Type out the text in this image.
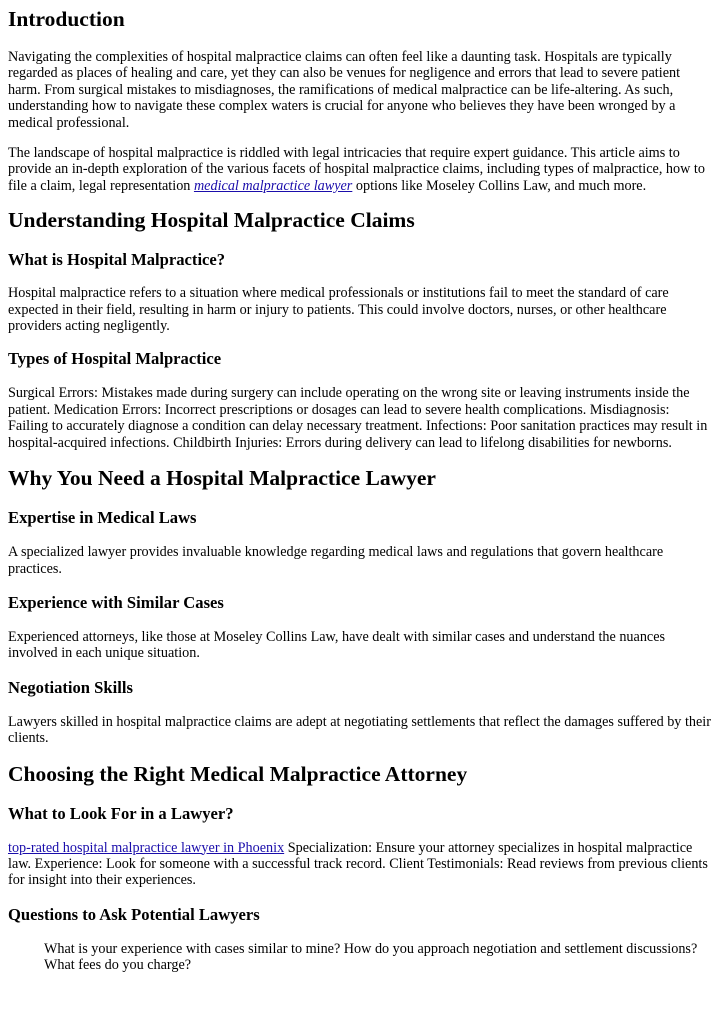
Introduction

Navigating the complexities of hospital malpractice claims can often feel like a daunting task. Hospitals are typically regarded as places of healing and care, yet they can also be venues for negligence and errors that lead to severe patient harm. From surgical mistakes to misdiagnoses, the ramifications of medical malpractice can be life-altering. As such, understanding how to navigate these complex waters is crucial for anyone who believes they have been wronged by a medical professional.

The landscape of hospital malpractice is riddled with legal intricacies that require expert guidance. This article aims to provide an in-depth exploration of the various facets of hospital malpractice claims, including types of malpractice, how to file a claim, legal representation medical malpractice lawyer options like Moseley Collins Law, and much more.

Understanding Hospital Malpractice Claims
What is Hospital Malpractice?

Hospital malpractice refers to a situation where medical professionals or institutions fail to meet the standard of care expected in their field, resulting in harm or injury to patients. This could involve doctors, nurses, or other healthcare providers acting negligently.

Types of Hospital Malpractice

Surgical Errors: Mistakes made during surgery can include operating on the wrong site or leaving instruments inside the patient. Medication Errors: Incorrect prescriptions or dosages can lead to severe health complications. Misdiagnosis: Failing to accurately diagnose a condition can delay necessary treatment. Infections: Poor sanitation practices may result in hospital-acquired infections. Childbirth Injuries: Errors during delivery can lead to lifelong disabilities for newborns.

Why You Need a Hospital Malpractice Lawyer
Expertise in Medical Laws

A specialized lawyer provides invaluable knowledge regarding medical laws and regulations that govern healthcare practices.

Experience with Similar Cases

Experienced attorneys, like those at Moseley Collins Law, have dealt with similar cases and understand the nuances involved in each unique situation.

Negotiation Skills

Lawyers skilled in hospital malpractice claims are adept at negotiating settlements that reflect the damages suffered by their clients.

Choosing the Right Medical Malpractice Attorney
What to Look For in a Lawyer?

top-rated hospital malpractice lawyer in Phoenix Specialization: Ensure your attorney specializes in hospital malpractice law. Experience: Look for someone with a successful track record. Client Testimonials: Read reviews from previous clients for insight into their experiences.

Questions to Ask Potential Lawyers
What is your experience with cases similar to mine? How do you approach negotiation and settlement discussions? What fees do you charge?
